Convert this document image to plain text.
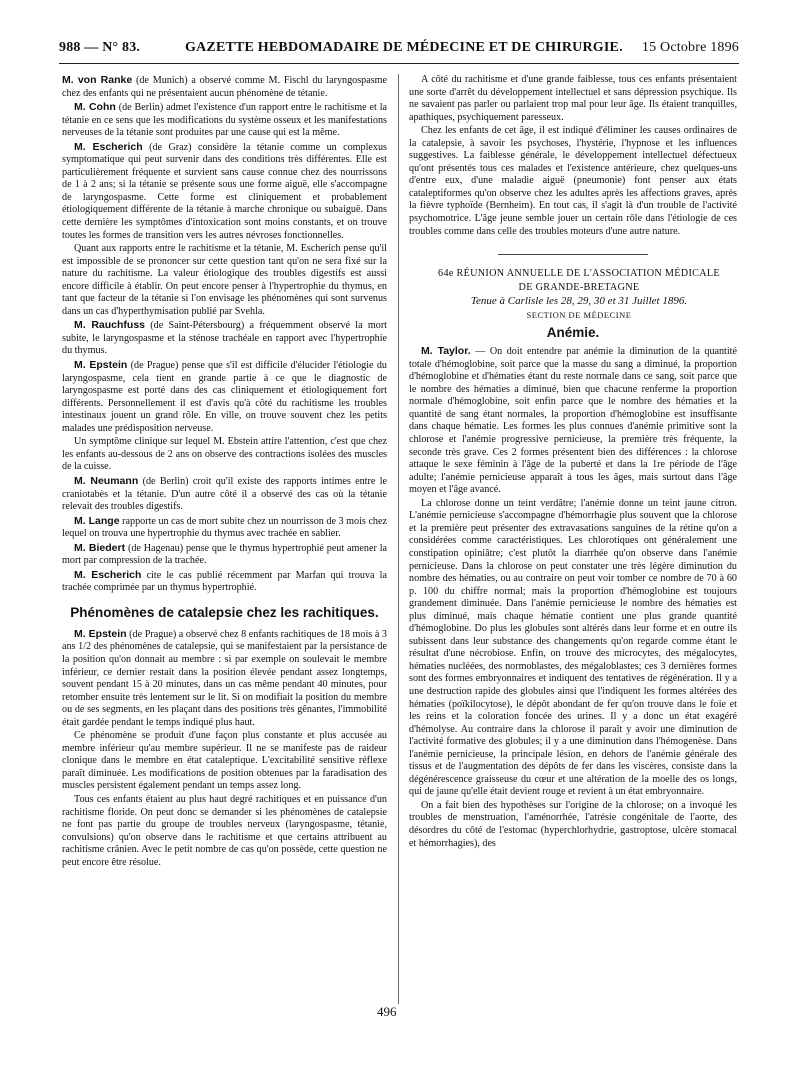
988 — N° 83.	GAZETTE HEBDOMADAIRE DE MÉDECINE ET DE CHIRURGIE. 15 Octobre 1896

M. von Ranke (de Munich) a observé comme M. Fischl du laryngospasme chez des enfants qui ne présentaient aucun phénomène de tétanie.

M. Cohn (de Berlin) admet l'existence d'un rapport entre le rachitisme et la tétanie en ce sens que les modifications du système osseux et les manifestations nerveuses de la tétanie sont produites par une cause qui est la même.

M. Escherich (de Graz) considère la tétanie comme un complexus symptomatique qui peut survenir dans des conditions très différentes. Elle est particulièrement fréquente et survient sans cause connue chez des nourrissons de 1 à 2 ans; si la tétanie se présente sous une forme aiguë, elle s'accompagne de laryngospasme. Cette forme est cliniquement et probablement étiologiquement différente de la tétanie à marche chronique ou subaiguë. Dans cette dernière les symptômes d'intoxication sont moins constants, et on trouve toutes les formes de transition vers les autres névroses fonctionnelles.

Quant aux rapports entre le rachitisme et la tétanie, M. Escherich pense qu'il est impossible de se prononcer sur cette question tant qu'on ne sera fixé sur la nature du rachitisme. La valeur étiologique des troubles digestifs est aussi encore difficile à établir. On peut encore penser à l'hypertrophie du thymus, en tant que facteur de la tétanie si l'on envisage les phénomènes qui sont survenus dans un cas d'hyperthymisation publié par Svehla.

M. Rauchfuss (de Saint-Pétersbourg) a fréquemment observé la mort subite, le laryngospasme et la sténose trachéale en rapport avec l'hypertrophie du thymus.

M. Epstein (de Prague) pense que s'il est difficile d'élucider l'étiologie du laryngospasme, cela tient en grande partie à ce que le diagnostic de laryngospasme est porté dans des cas cliniquement et étiologiquement fort différents. Personnellement il est d'avis qu'à côté du rachitisme les troubles intestinaux jouent un grand rôle. En ville, on trouve souvent chez les petits malades une prédisposition nerveuse.

Un symptôme clinique sur lequel M. Ebstein attire l'attention, c'est que chez les enfants au-dessous de 2 ans on observe des contractions isolées des muscles de la cuisse.

M. Neumann (de Berlin) croit qu'il existe des rapports intimes entre le craniotabès et la tétanie. D'un autre côté il a observé des cas où la tétanie relevait des troubles digestifs.

M. Lange rapporte un cas de mort subite chez un nourrisson de 3 mois chez lequel on trouva une hypertrophie du thymus avec trachée en sablier.

M. Biedert (de Hagenau) pense que le thymus hypertrophié peut amener la mort par compression de la trachée.

M. Escherich cite le cas publié récemment par Marfan qui trouva la trachée comprimée par un thymus hypertrophié.

Phénomènes de catalepsie chez les rachitiques.

M. Epstein (de Prague) a observé chez 8 enfants rachitiques de 18 mois à 3 ans 1/2 des phénomènes de catalepsie, qui se manifestaient par la persistance de la position qu'on donnait au membre : si par exemple on soulevait le membre inférieur, ce dernier restait dans la position élevée pendant assez longtemps, souvent pendant 15 à 20 minutes, dans un cas même pendant 40 minutes, pour retomber ensuite très lentement sur le lit. Si on modifiait la position du membre ou de ses segments, en les plaçant dans des positions très gênantes, l'immobilité était gardée pendant le temps indiqué plus haut.

Ce phénomène se produit d'une façon plus constante et plus accusée au membre inférieur qu'au membre supérieur. Il ne se manifeste pas de raideur clonique dans le membre en état cataleptique. L'excitabilité sensitive réflexe paraît diminuée. Les modifications de position obtenues par la faradisation des muscles persistent également pendant un temps assez long.

Tous ces enfants étaient au plus haut degré rachitiques et en puissance d'un rachitisme floride. On peut donc se demander si les phénomènes de catalepsie ne font pas partie du groupe de troubles nerveux (laryngospasme, tétanie, convulsions) qu'on observe dans le rachitisme et que certains attribuent au rachitisme crânien. Avec le petit nombre de cas qu'on possède, cette question ne peut encore être résolue.

A côté du rachitisme et d'une grande faiblesse, tous ces enfants présentaient une sorte d'arrêt du développement intellectuel et sans dépression psychique. Ils ne savaient pas parler ou parlaient trop mal pour leur âge. Ils étaient tranquilles, apathiques, psychiquement paresseux.

Chez les enfants de cet âge, il est indiqué d'éliminer les causes ordinaires de la catalepsie, à savoir les psychoses, l'hystérie, l'hypnose et les influences suggestives. La faiblesse générale, le développement intellectuel défectueux qu'ont présentés tous ces malades et l'existence antérieure, chez quelques-uns d'entre eux, d'une maladie aiguë (pneumonie) font penser aux états cataleptiformes qu'on observe chez les adultes après les affections graves, après la fièvre typhoïde (Bernheim). En tout cas, il s'agit là d'un trouble de l'activité psychomotrice. L'âge jeune semble jouer un certain rôle dans l'étiologie de ces troubles comme dans celle des troubles moteurs d'une autre nature.

64e RÉUNION ANNUELLE DE L'ASSOCIATION MÉDICALE

DE GRANDE-BRETAGNE

Tenue à Carlisle les 28, 29, 30 et 31 Juillet 1896.

SECTION DE MÉDECINE

Anémie.

M. Taylor. — On doit entendre par anémie la diminution de la quantité totale d'hémoglobine, soit parce que la masse du sang a diminué, la proportion d'hémoglobine et d'hématies étant du reste normale dans ce sang, soit parce que le nombre des hématies a diminué, bien que chacune renferme la proportion normale d'hémoglobine, soit enfin parce que le nombre des hématies et la quantité de sang étant normales, la proportion d'hémoglobine est insuffisante dans chaque hématie. Les formes les plus connues d'anémie primitive sont la chlorose et l'anémie progressive pernicieuse, la première très fréquente, la seconde très grave. Ces 2 formes présentent bien des différences : la chlorose attaque le sexe féminin à l'âge de la puberté et dans la 1re période de l'âge adulte; l'anémie pernicieuse apparaît à tous les âges, mais surtout dans l'âge moyen et l'âge avancé.

La chlorose donne un teint verdâtre; l'anémie donne un teint jaune citron. L'anémie pernicieuse s'accompagne d'hémorrhagie plus souvent que la chlorose et la première peut présenter des extravasations sanguines de la rétine qu'on a considérées comme caractéristiques. Les chlorotiques ont généralement une constipation opiniâtre; c'est plutôt la diarrhée qu'on observe dans l'anémie pernicieuse. Dans la chlorose on peut constater une très légère diminution du nombre des hématies, ou au contraire on peut voir tomber ce nombre de 70 à 60 p. 100 du chiffre normal; mais la proportion d'hémoglobine est toujours grandement diminuée. Dans l'anémie pernicieuse le nombre des hématies est plus diminué, mais chaque hématie contient une plus grande quantité d'hémoglobine. Do plus les globules sont altérés dans leur forme et en outre ils subissent dans leur substance des changements qu'on regarde comme étant le résultat d'une nécrobiose. Enfin, on trouve des microcytes, des mégalocytes, hématies nucléées, des normoblastes, des mégaloblastes; ces 3 dernières formes sont des formes embryonnaires et indiquent des tentatives de régénération. Il y a une destruction rapide des globules ainsi que l'indiquent les formes altérées des hématies (poïkilocytose), le dépôt abondant de fer qu'on trouve dans le foie et les reins et la coloration foncée des urines. Il y a donc un état exagéré d'hémolyse. Au contraire dans la chlorose il paraît y avoir une diminution de l'activité formative des globules; il y a une diminution dans l'hémogenèse. Dans l'anémie pernicieuse, la principale lésion, en dehors de l'anémie générale des tissus et de l'augmentation des dépôts de fer dans les viscères, consiste dans la dégénérescence graisseuse du cœur et une altération de la moelle des os longs, qui de jaune qu'elle était devient rouge et revient à un état embryonnaire.

On a fait bien des hypothèses sur l'origine de la chlorose; on a invoqué les troubles de menstruation, l'aménorrhée, l'atrésie congénitale de l'aorte, des désordres du côté de l'estomac (hyperchlorhydrie, gastroptose, ulcère stomacal et hémorrhagies), des

496
